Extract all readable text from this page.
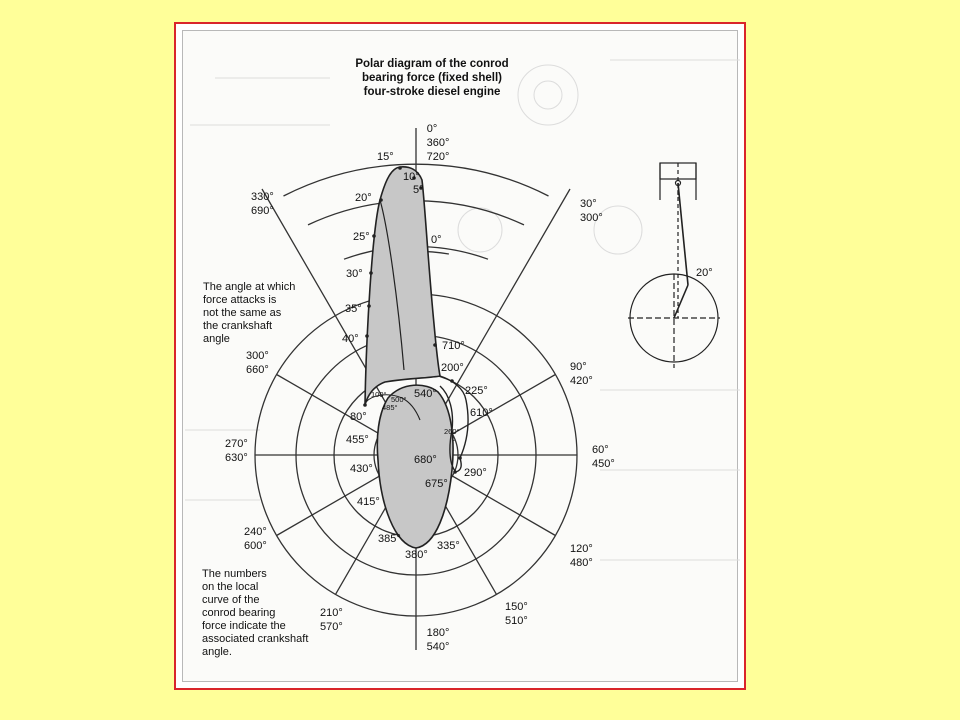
Polar diagram of the conrod
bearing force (fixed shell)
four-stroke diesel engine
0°
360°
720°
30°
300°
330°
690°
90°
420°
60°
450°
120°
480°
150°
510°
180°
540°
210°
570°
240°
600°
270°
630°
300°
660°
15°
10°
5°
0°
20°
25°
30°
35°
40°
80°
100°
500°
485°
540°
710°
200°
225°
610°
260°
455°
430°
680°
675°
290°
415°
385°
380°
335°
The angle at which
force attacks is
not the same as
the crankshaft
angle
The numbers
on the local
curve of the
conrod bearing
force indicate the
associated crankshaft
angle.
20°
